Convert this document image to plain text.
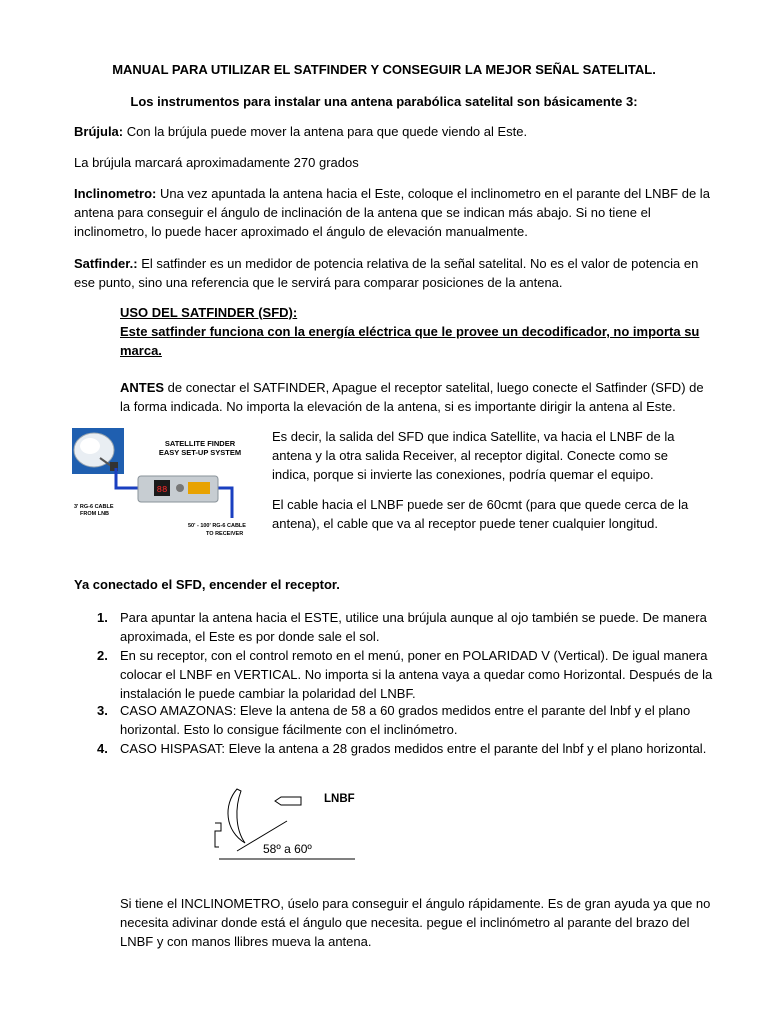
MANUAL PARA UTILIZAR EL SATFINDER Y CONSEGUIR LA MEJOR SEÑAL SATELITAL.
Los instrumentos para instalar una antena parabólica satelital son básicamente 3:
Brújula: Con la brújula puede mover la antena para que quede viendo al Este.
La brújula marcará aproximadamente 270 grados
Inclinometro: Una vez apuntada la antena hacia el Este, coloque el inclinometro en el parante del LNBF de la
antena para conseguir el ángulo de inclinación de la antena que se indican más abajo. Si no tiene el
inclinometro, lo puede hacer aproximado el ángulo de elevación manualmente.
Satfinder.: El satfinder es un medidor de potencia relativa de la señal satelital. No es el valor de potencia en
ese punto, sino una referencia que le servirá para comparar posiciones de la antena.
USO DEL SATFINDER (SFD):
Este satfinder funciona con la energía eléctrica que le provee un decodificador, no importa su
marca.
ANTES de conectar el SATFINDER, Apague el receptor satelital, luego conecte el Satfinder (SFD) de
la forma indicada. No importa la elevación de la antena, si es importante dirigir la antena al Este.
SATELLITE FINDER
EASY SET-UP SYSTEM
88
3' RG-6 CABLE
FROM LNB
50' - 100' RG-6 CABLE
TO RECEIVER
Es decir, la salida del SFD que indica Satellite, va hacia el LNBF de la
antena y la otra salida Receiver, al receptor digital. Conecte como se
indica, porque si invierte las conexiones, podría quemar el equipo.
El cable hacia el LNBF puede ser de 60cmt (para que quede cerca de la
antena), el cable que va al receptor puede tener cualquier longitud.
Ya conectado el SFD, encender el receptor.
1. Para apuntar la antena hacia el ESTE, utilice una brújula aunque al ojo también se puede. De manera
aproximada, el Este es por donde sale el sol.
2. En su receptor, con el control remoto en el menú, poner en POLARIDAD V (Vertical). De igual manera
colocar el LNBF en VERTICAL. No importa si la antena vaya a quedar como Horizontal. Después de la
instalación le puede cambiar la polaridad del LNBF.
3. CASO AMAZONAS: Eleve la antena de 58 a 60 grados medidos entre el parante del lnbf y el plano
horizontal. Esto lo consigue fácilmente con el inclinómetro.
4. CASO HISPASAT: Eleve la antena a 28 grados medidos entre el parante del lnbf y el plano horizontal.
LNBF
58º a 60º
Si tiene el INCLINOMETRO, úselo para conseguir el ángulo rápidamente. Es de gran ayuda ya que no
necesita adivinar donde está el ángulo que necesita. pegue el inclinómetro al parante del brazo del
LNBF y con manos llibres mueva la antena.
